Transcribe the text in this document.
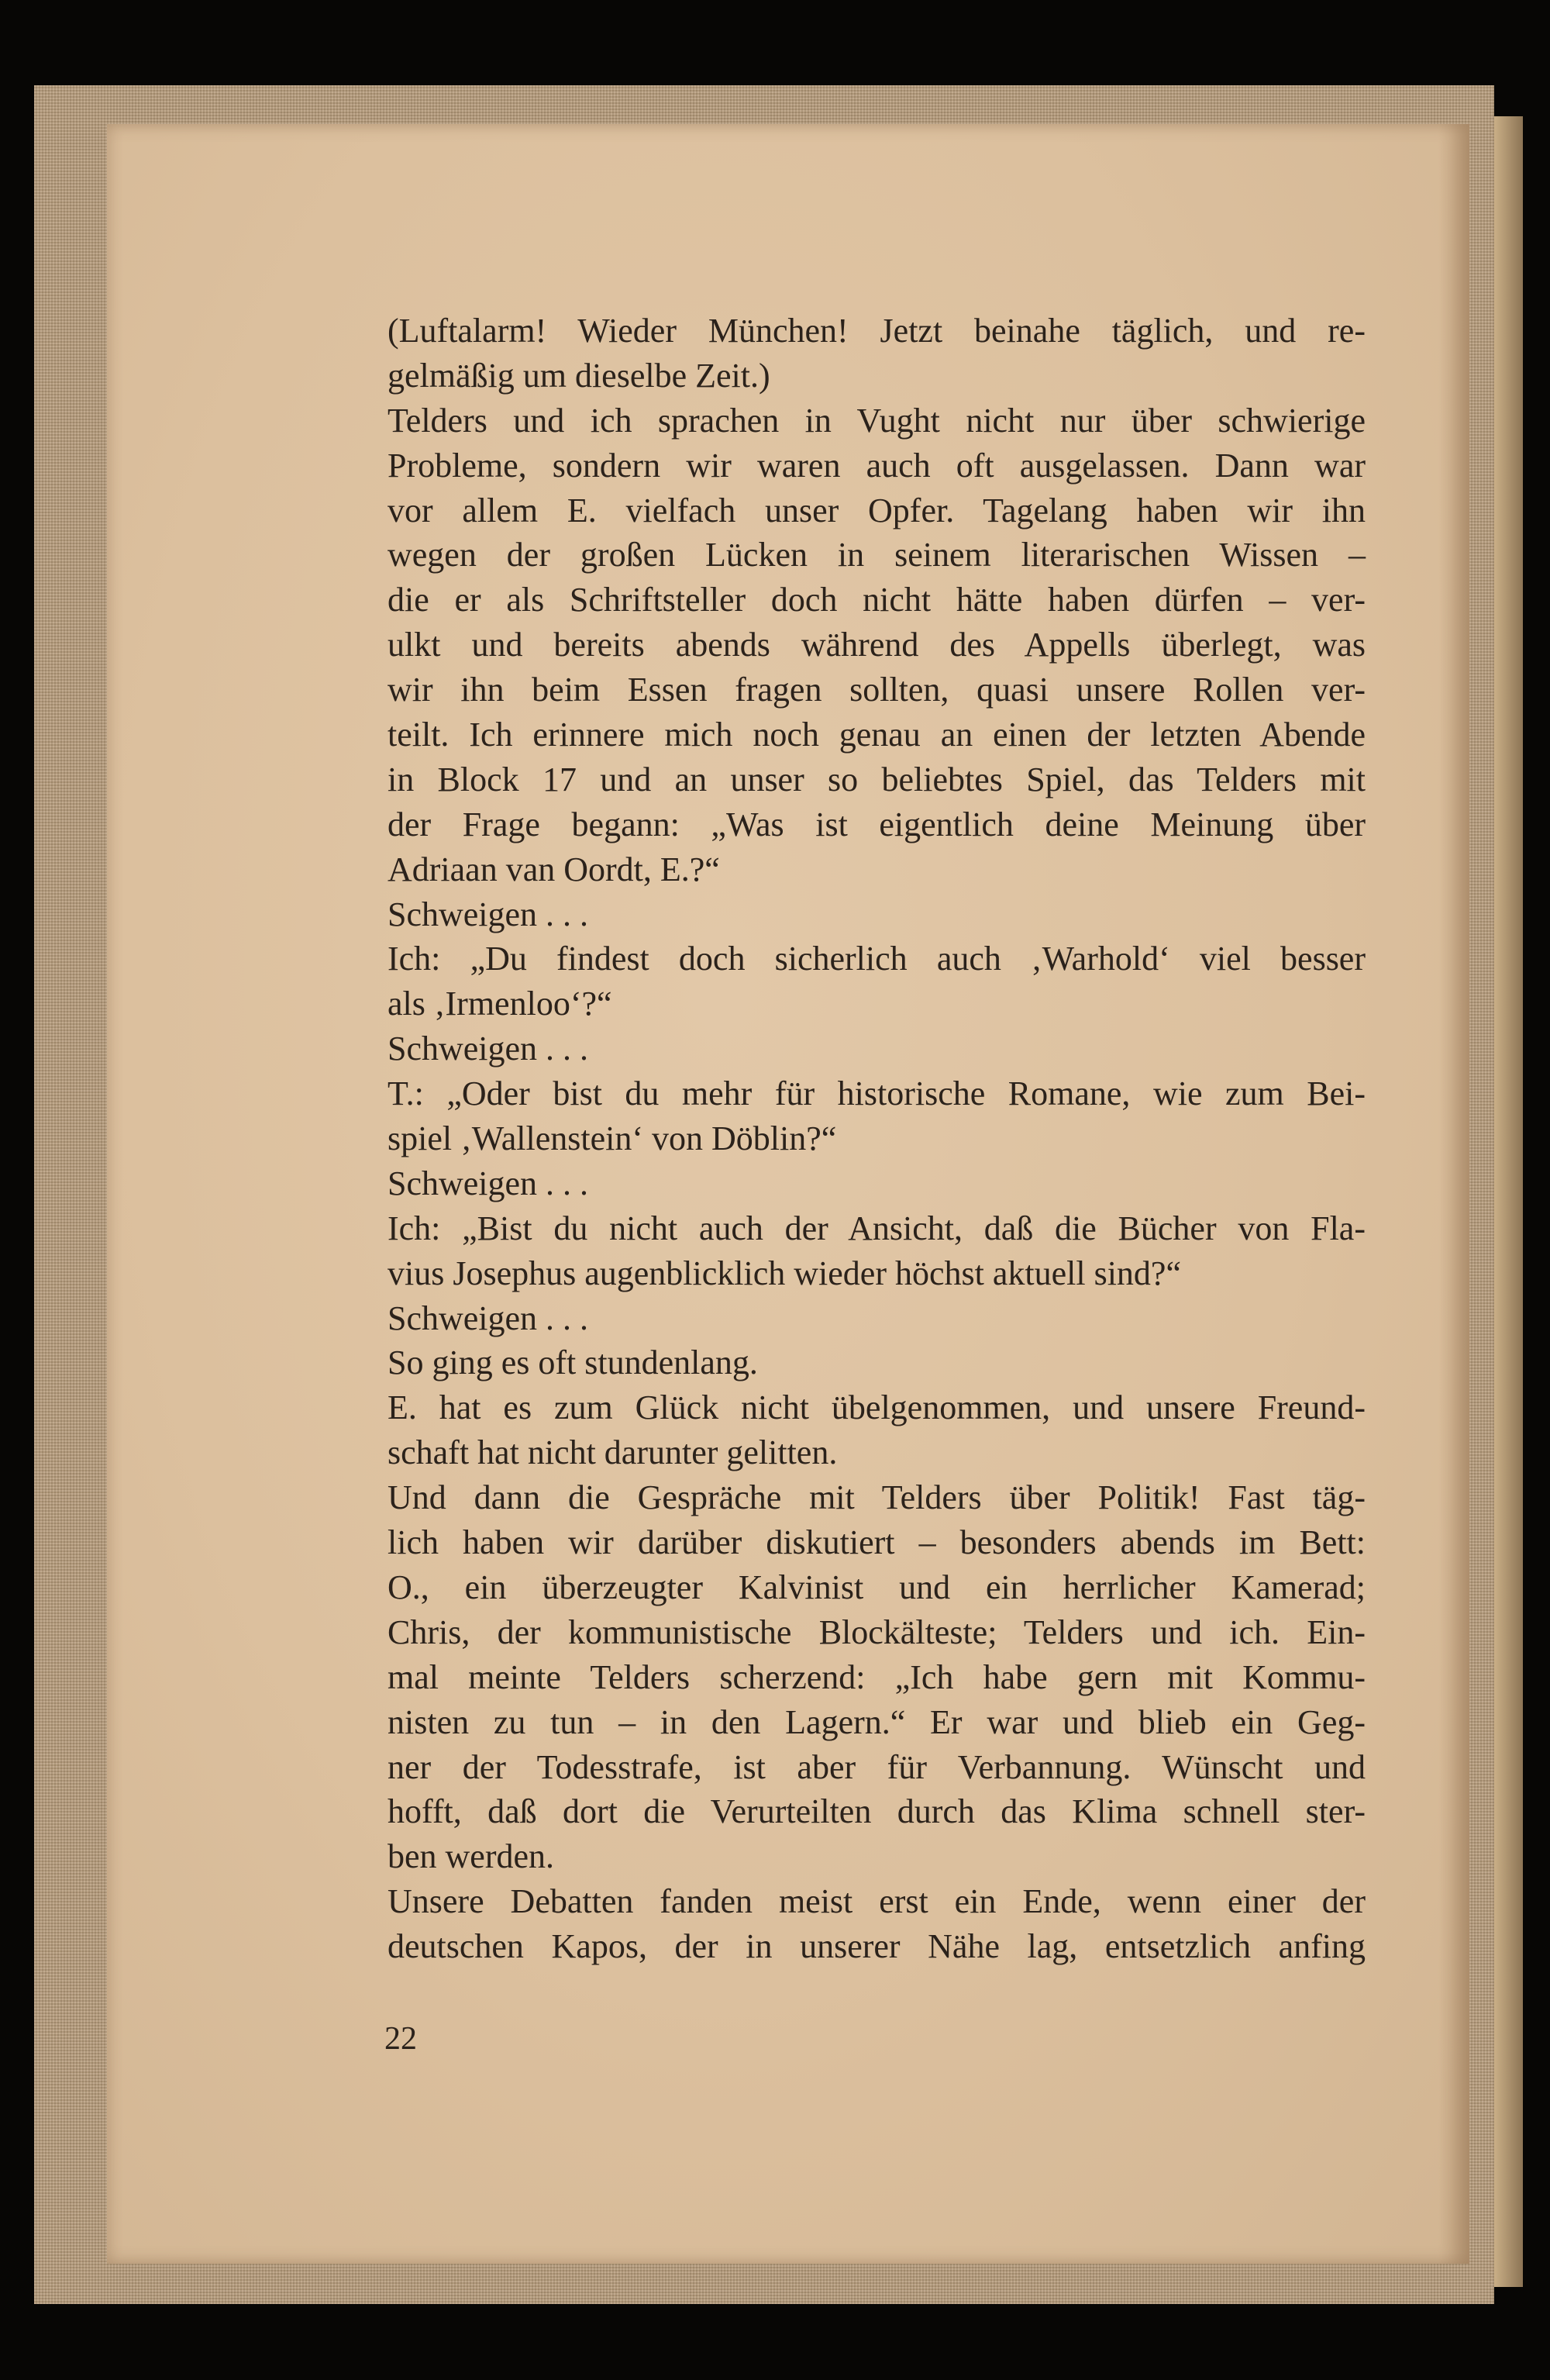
(Luftalarm! Wieder München! Jetzt beinahe täglich, und re-
gelmäßig um dieselbe Zeit.)
Telders und ich sprachen in Vught nicht nur über schwierige
Probleme, sondern wir waren auch oft ausgelassen. Dann war
vor allem E. vielfach unser Opfer. Tagelang haben wir ihn
wegen der großen Lücken in seinem literarischen Wissen –
die er als Schriftsteller doch nicht hätte haben dürfen – ver-
ulkt und bereits abends während des Appells überlegt, was
wir ihn beim Essen fragen sollten, quasi unsere Rollen ver-
teilt. Ich erinnere mich noch genau an einen der letzten Abende
in Block 17 und an unser so beliebtes Spiel, das Telders mit
der Frage begann: „Was ist eigentlich deine Meinung über
Adriaan van Oordt, E.?“
Schweigen . . .
Ich: „Du findest doch sicherlich auch ‚Warhold‘ viel besser
als ‚Irmenloo‘?“
Schweigen . . .
T.: „Oder bist du mehr für historische Romane, wie zum Bei-
spiel ‚Wallenstein‘ von Döblin?“
Schweigen . . .
Ich: „Bist du nicht auch der Ansicht, daß die Bücher von Fla-
vius Josephus augenblicklich wieder höchst aktuell sind?“
Schweigen . . .
So ging es oft stundenlang.
E. hat es zum Glück nicht übelgenommen, und unsere Freund-
schaft hat nicht darunter gelitten.
Und dann die Gespräche mit Telders über Politik! Fast täg-
lich haben wir darüber diskutiert – besonders abends im Bett:
O., ein überzeugter Kalvinist und ein herrlicher Kamerad;
Chris, der kommunistische Blockälteste; Telders und ich. Ein-
mal meinte Telders scherzend: „Ich habe gern mit Kommu-
nisten zu tun – in den Lagern.“ Er war und blieb ein Geg-
ner der Todesstrafe, ist aber für Verbannung. Wünscht und
hofft, daß dort die Verurteilten durch das Klima schnell ster-
ben werden.
Unsere Debatten fanden meist erst ein Ende, wenn einer der
deutschen Kapos, der in unserer Nähe lag, entsetzlich anfing
22
